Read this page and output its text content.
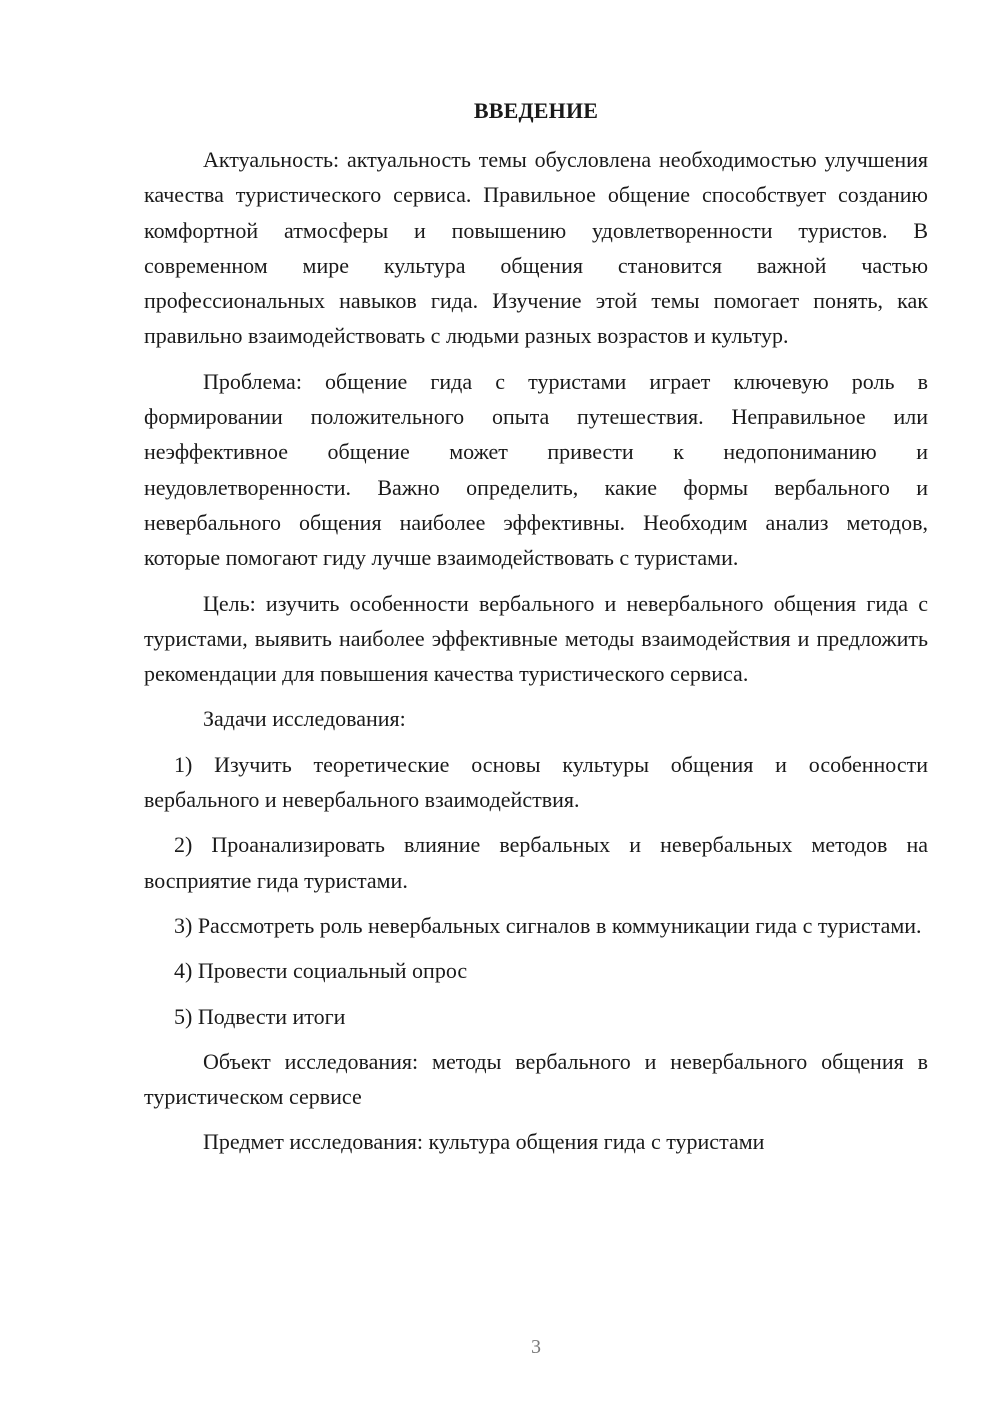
ВВЕДЕНИЕ

Актуальность: актуальность темы обусловлена необходимостью улучшения качества туристического сервиса. Правильное общение способствует созданию комфортной атмосферы и повышению удовлетворенности туристов. В современном мире культура общения становится важной частью профессиональных навыков гида. Изучение этой темы помогает понять, как правильно взаимодействовать с людьми разных возрастов и культур.

Проблема: общение гида с туристами играет ключевую роль в формировании положительного опыта путешествия. Неправильное или неэффективное общение может привести к недопониманию и неудовлетворенности. Важно определить, какие формы вербального и невербального общения наиболее эффективны. Необходим анализ методов, которые помогают гиду лучше взаимодействовать с туристами.

Цель: изучить особенности вербального и невербального общения гида с туристами, выявить наиболее эффективные методы взаимодействия и предложить рекомендации для повышения качества туристического сервиса.

Задачи исследования:

1) Изучить теоретические основы культуры общения и особенности вербального и невербального взаимодействия.

2) Проанализировать влияние вербальных и невербальных методов на восприятие гида туристами.

3) Рассмотреть роль невербальных сигналов в коммуникации гида с туристами.

4) Провести социальный опрос

5) Подвести итоги

Объект исследования: методы вербального и невербального общения в туристическом сервисе

Предмет исследования: культура общения гида с туристами

3
